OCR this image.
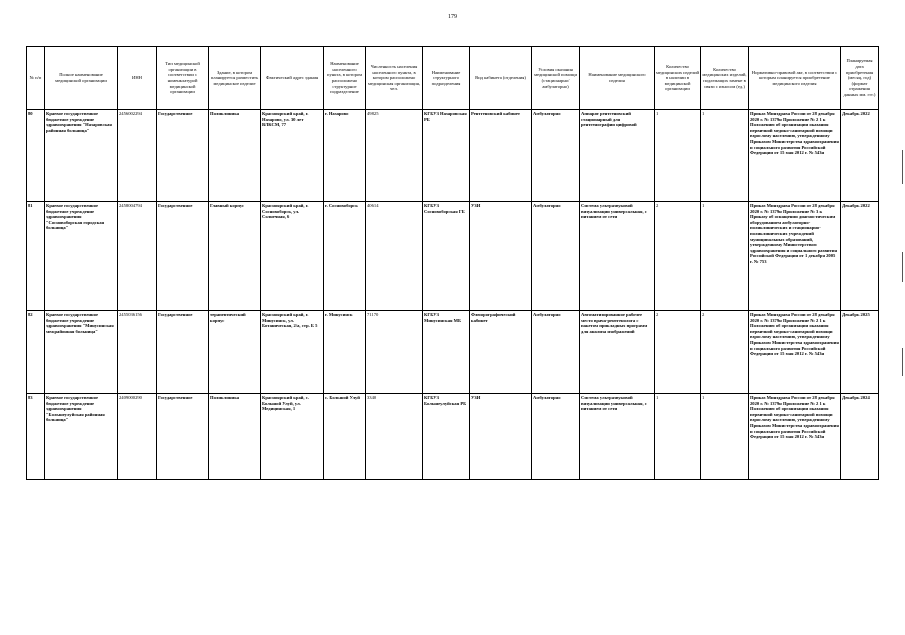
179
№ п/п	Полное наименование медицинской организации	ИНН	Тип медицинской организации в соответствии с номенклатурой медицинской организации	Здание, в котором планируется разместить медицинское изделие	Фактический адрес здания	Наименование населенного пункта, в котором расположено структурное подразделение	Численность населения населенного пункта, в котором расположено медицинская организация, чел.	Наименование структурного подразделения	Вид кабинета (отделения)	Условия оказания медицинской помощи (стационарно/амбулаторно)	Наименование медицинского изделия	Количество медицинских изделий в наличии в медицинской организации	Количество медицинских изделий, подлежащих замене в связи с износом (ед.)	Нормативно-правовой акт, в соответствии с которым планируется приобретение медицинского изделия	Планируемая дата приобретения (месяц, год) (формат отражения данных мм. ггг.)
80	Краевое государственное бюджетное учреждение здравоохранения "Назаровская районная больница"	2456002294	Государственное	Поликлиника	Красноярский край, г. Назарово, ул. 30 лет ВЛКСМ, 77	г. Назарово	49825	КГБУЗ Назаровская РБ	Рентгеновский кабинет	Амбулаторно	Аппарат рентгеновский стационарный для рентгенографии цифровой	1	1	Приказ Минздрава России от 28 декабря 2020 г. № 1379н Приложение № 2 1 к Положению об организации оказания первичной медико-санитарной помощи взрослому населению, утвержденному Приказом Министерства здравоохранения и социального развития Российской Федерации от 15 мая 2012 г. № 543н	Декабрь 2022
81	Краевое государственное бюджетное учреждение здравоохранения "Сосновоборская городская больница"	2458004794	Государственное	Главный корпус	Красноярский край, г. Сосновоборск, ул. Солнечная, 6	г. Сосновоборск	40614	КГБУЗ Сосновоборская ГБ	УЗИ	Амбулаторно	Система ультразвуковой визуализации универсальная, с питанием от сети	2	1	Приказ Минздрава России от 28 декабря 2020 г. № 1379н Приложение № 3 к Приказу об оснащении диагностическим оборудованием амбулаторно-поликлинических и стационарно-поликлинических учреждений муниципальных образований, утвержденному Министерством здравоохранения и социального развития Российской Федерации от 1 декабря 2005 г. № 753	Декабрь 2022
82	Краевое государственное бюджетное учреждение здравоохранения "Минусинская межрайонная больница"	2455036156	Государственное	терапевтический корпус	Красноярский край, г. Минусинск, ул. Ботаническая, 2/а, стр. Б 5	г. Минусинск	71170	КГБУЗ Минусинская МБ	Флюорографический кабинет	Амбулаторно	Автоматизированное рабочее место врача-рентгенолога с пакетом прикладных программ для анализа изображений	2	2	Приказ Минздрава России от 28 декабря 2020 г. № 1379н Приложение № 2 1 к Положению об организации оказания первичной медико-санитарной помощи взрослому населению, утвержденному Приказом Министерства здравоохранения и социального развития Российской Федерации от 15 мая 2012 г. № 543н	Декабрь 2025
83	Краевое государственное бюджетное учреждение здравоохранения "Большеулуйская районная больница"	2409000290	Государственное	Поликлиника	Красноярский край, с. Большой Улуй, ул. Медицинская, 1	с. Большой Улуй	3340	КГБУЗ Большеулуйская РБ	УЗИ	Амбулаторно	Система ультразвуковой визуализации универсальная, с питанием от сети	1	1	Приказ Минздрава России от 28 декабря 2020 г. № 1379н Приложение № 2 1 к Положению об организации оказания первичной медико-санитарной помощи взрослому населению, утвержденному Приказом Министерства здравоохранения и социального развития Российской Федерации от 15 мая 2012 г. № 543н	Декабрь 2024
